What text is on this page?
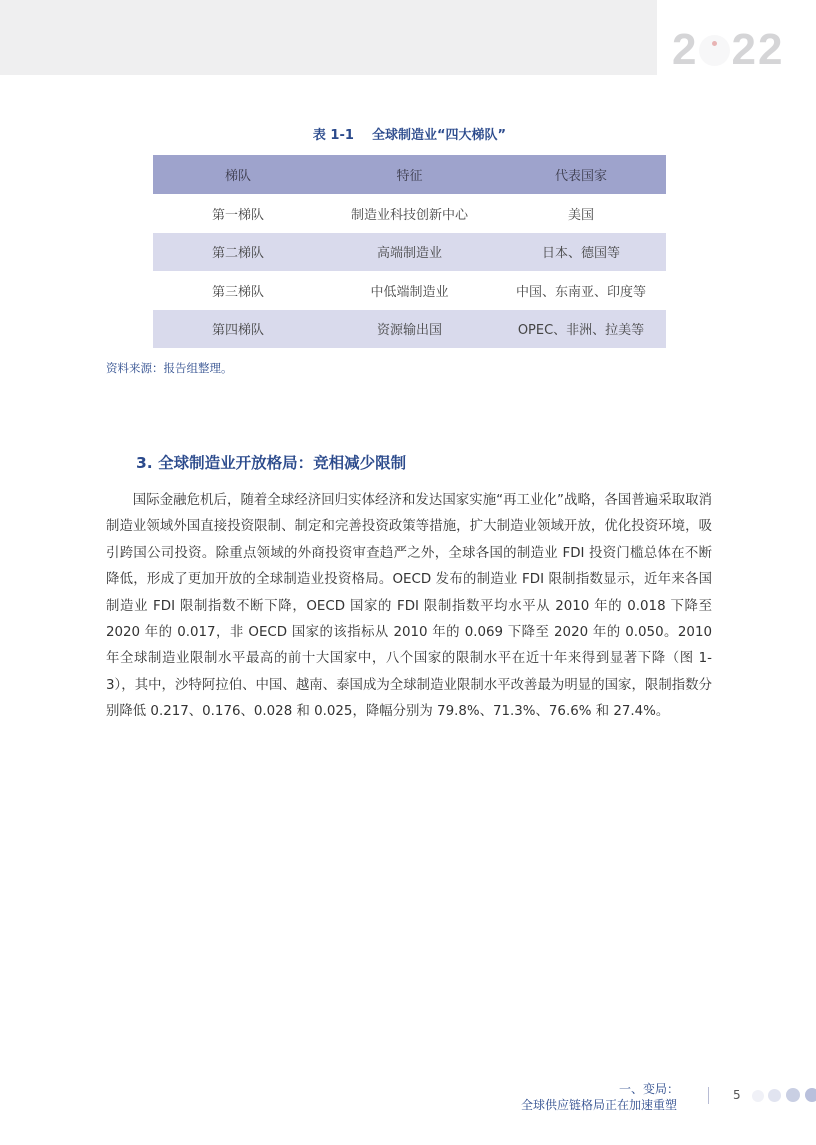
2 22
表 1-1    全球制造业“四大梯队”
梯队	特征	代表国家
第一梯队	制造业科技创新中心	美国
第二梯队	高端制造业	日本、德国等
第三梯队	中低端制造业	中国、东南亚、印度等
第四梯队	资源输出国	OPEC、非洲、拉美等
资料来源：报告组整理。
3. 全球制造业开放格局：竞相减少限制

国际金融危机后，随着全球经济回归实体经济和发达国家实施“再工业化”战略，各国普遍采取取消制造业领域外国直接投资限制、制定和完善投资政策等措施，扩大制造业领域开放，优化投资环境，吸引跨国公司投资。除重点领域的外商投资审查趋严之外，全球各国的制造业 FDI 投资门槛总体在不断降低，形成了更加开放的全球制造业投资格局。OECD 发布的制造业 FDI 限制指数显示，近年来各国制造业 FDI 限制指数不断下降，OECD 国家的 FDI 限制指数平均水平从 2010 年的 0.018 下降至 2020 年的 0.017，非 OECD 国家的该指标从 2010 年的 0.069 下降至 2020 年的 0.050。2010 年全球制造业限制水平最高的前十大国家中，八个国家的限制水平在近十年来得到显著下降（图 1-3），其中，沙特阿拉伯、中国、越南、泰国成为全球制造业限制水平改善最为明显的国家，限制指数分别降低 0.217、0.176、0.028 和 0.025，降幅分别为 79.8%、71.3%、76.6% 和 27.4%。

一、变局：
全球供应链格局正在加速重塑
5
